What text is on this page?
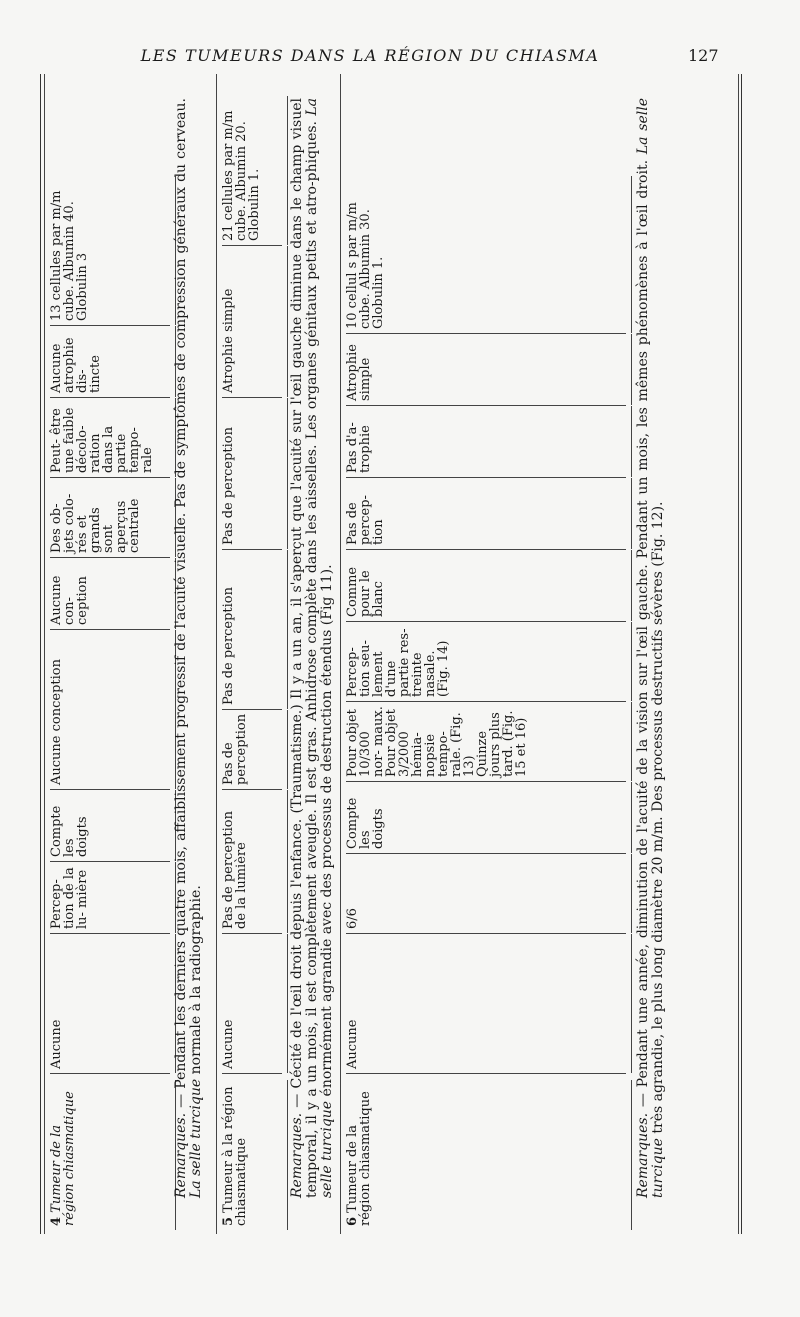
LES TUMEURS DANS LA RÉGION DU CHIASMA	127
4 Tumeur de la région chiasmatique
Aucune
Percep- tion de la lu- mière
Compte les doigts
Aucune conception
Aucune con- ception
Des ob- jets colo- rés et grands sont aperçus centrale
Peut- être une faible décolo- ration dans la partie tempo- rale
Aucune atrophie dis- tincte
13 cellules par m/m cube. Albumin 40. Globulin 3
Remarques. — Pendant les derniers quatre mois, affaiblissement progressif de l'acuité visuelle. Pas de symptômes de compression généraux du cerveau. La selle turcique normale à la radiographie.
5 Tumeur à la région chiasmatique
Aucune
Pas de perception de la lumière
Pas de perception
Pas de perception
Pas de perception
Atrophie simple
21 cellules par m/m cube. Albumin 20. Globulin 1.
Remarques. — Cécité de l'œil droit depuis l'enfance. (Traumatisme.) Il y a un an, il s'aperçut que l'acuité sur l'œil gauche diminue dans le champ visuel temporal, il y a un mois, il est complètement aveugle. Il est gras. Anhidrose complète dans les aisselles. Les organes génitaux petits et atro-phiques. La selle turcique énormément agrandie avec des processus de destruction étendus (Fig 11).
6 Tumeur de la région chiasmatique
Aucune
6/6
Compte les doigts
Pour objet 10/300 nor- maux. Pour objet 3/2000 hémia- nopsie tempo- rale. (Fig. 13) Quinze jours plus tard. (Fig. 15 et 16)
Percep- tion seu- lement d'une partie res- treinte nasale. (Fig. 14)
Comme pour le blanc
Pas de percep- tion
Pas d'a- trophie
Atrophie simple
10 cellul s par m/m cube. Albumin 30. Globulin 1.
Remarques. — Pendant une année, diminution de l'acuité de la vision sur l'œil gauche. Pendant un mois, les mêmes phénomènes à l'œil droit. La selle turcique très agrandie, le plus long diamètre 20 m/m. Des processus destructifs sévères (Fig. 12).
